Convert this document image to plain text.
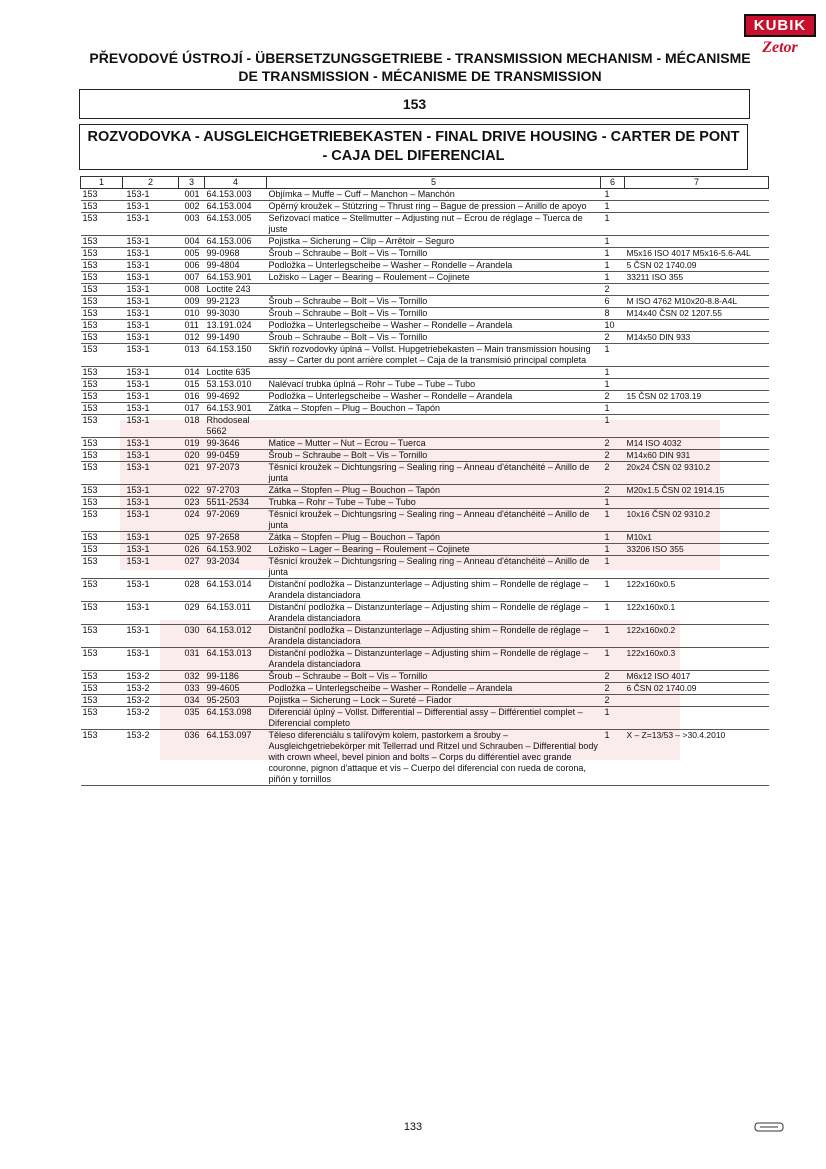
KUBIK
Zetor
PŘEVODOVÉ ÚSTROJÍ - ÜBERSETZUNGSGETRIEBE - TRANSMISSION MECHANISM - MÉCANISME DE TRANSMISSION - MÉCANISME DE TRANSMISSION
153
ROZVODOVKA - AUSGLEICHGETRIEBEKASTEN - FINAL DRIVE HOUSING - CARTER DE PONT - CAJA DEL DIFERENCIAL
1	2	3	4	5	6	7
153	153-1	001	64.153.003	Objímka – Muffe – Cuff – Manchon – Manchón	1	
153	153-1	002	64.153.004	Opěrný kroužek – Stützring – Thrust ring – Bague de pression – Anillo de apoyo	1	
153	153-1	003	64.153.005	Seřizovací matice – Stellmutter – Adjusting nut – Ecrou de réglage – Tuerca de juste	1	
153	153-1	004	64.153.006	Pojistka – Sicherung – Clip – Arrêtoir – Seguro	1	
153	153-1	005	99-0968	Šroub – Schraube – Bolt – Vis – Tornillo	1	M5x16 ISO 4017 M5x16-5.6-A4L
153	153-1	006	99-4804	Podložka – Unterlegscheibe – Washer – Rondelle – Arandela	1	5 ČSN 02 1740.09
153	153-1	007	64.153.901	Ložisko – Lager – Bearing – Roulement – Cojinete	1	33211 ISO 355
153	153-1	008	Loctite 243		2	
153	153-1	009	99-2123	Šroub – Schraube – Bolt – Vis – Tornillo	6	M ISO 4762 M10x20-8.8-A4L
153	153-1	010	99-3030	Šroub – Schraube – Bolt – Vis – Tornillo	8	M14x40 ČSN 02 1207.55
153	153-1	011	13.191.024	Podložka – Unterlegscheibe – Washer – Rondelle – Arandela	10	
153	153-1	012	99-1490	Šroub – Schraube – Bolt – Vis – Tornillo	2	M14x50 DIN 933
153	153-1	013	64.153.150	Skříň rozvodovky úplná – Vollst. Hupgetriebekasten – Main transmission housing assy – Carter du pont arrière complet – Caja de la transmisió principal completa	1	
153	153-1	014	Loctite 635		1	
153	153-1	015	53.153.010	Nalévací trubka úplná – Rohr – Tube – Tube – Tubo	1	
153	153-1	016	99-4692	Podložka – Unterlegscheibe – Washer – Rondelle – Arandela	2	15 ČSN 02 1703.19
153	153-1	017	64.153.901	Zátka – Stopfen – Plug – Bouchon – Tapón	1	
153	153-1	018	Rhodoseal 5662		1	
153	153-1	019	99-3646	Matice – Mutter – Nut – Ecrou – Tuerca	2	M14 ISO 4032
153	153-1	020	99-0459	Šroub – Schraube – Bolt – Vis – Tornillo	2	M14x60 DIN 931
153	153-1	021	97-2073	Těsnicí kroužek – Dichtungsring – Sealing ring – Anneau d'étanchéité – Anillo de junta	2	20x24 ČSN 02 9310.2
153	153-1	022	97-2703	Zátka – Stopfen – Plug – Bouchon – Tapón	2	M20x1.5 ČSN 02 1914.15
153	153-1	023	5511-2534	Trubka – Rohr – Tube – Tube – Tubo	1	
153	153-1	024	97-2069	Těsnicí kroužek – Dichtungsring – Sealing ring – Anneau d'étanchéité – Anillo de junta	1	10x16 ČSN 02 9310.2
153	153-1	025	97-2658	Zátka – Stopfen – Plug – Bouchon – Tapón	1	M10x1
153	153-1	026	64.153.902	Ložisko – Lager – Bearing – Roulement – Cojinete	1	33206 ISO 355
153	153-1	027	93-2034	Těsnicí kroužek – Dichtungsring – Sealing ring – Anneau d'étanchéité – Anillo de junta	1	
153	153-1	028	64.153.014	Distanční podložka – Distanzunterlage – Adjusting shim – Rondelle de réglage – Arandela distanciadora	1	122x160x0.5
153	153-1	029	64.153.011	Distanční podložka – Distanzunterlage – Adjusting shim – Rondelle de réglage – Arandela distanciadora	1	122x160x0.1
153	153-1	030	64.153.012	Distanční podložka – Distanzunterlage – Adjusting shim – Rondelle de réglage – Arandela distanciadora	1	122x160x0.2
153	153-1	031	64.153.013	Distanční podložka – Distanzunterlage – Adjusting shim – Rondelle de réglage – Arandela distanciadora	1	122x160x0.3
153	153-2	032	99-1186	Šroub – Schraube – Bolt – Vis – Tornillo	2	M6x12 ISO 4017
153	153-2	033	99-4605	Podložka – Unterlegscheibe – Washer – Rondelle – Arandela	2	6 ČSN 02 1740.09
153	153-2	034	95-2503	Pojistka – Sicherung – Lock – Sureté – Fiador	2	
153	153-2	035	64.153.098	Diferenciál úplný – Vollst. Differential – Differential assy – Différentiel complet – Diferencial completo	1	
153	153-2	036	64.153.097	Těleso diferenciálu s talířovým kolem, pastorkem a šrouby – Ausgleichgetriebekörper mit Tellerrad und Ritzel und Schrauben – Differential body with crown wheel, bevel pinion and bolts – Corps du différentiel avec grande couronne, pignon d'attaque et vis – Cuerpo del diferencial con rueda de corona, piñón y tornillos	1	X – Z=13/53 – >30.4.2010
133
